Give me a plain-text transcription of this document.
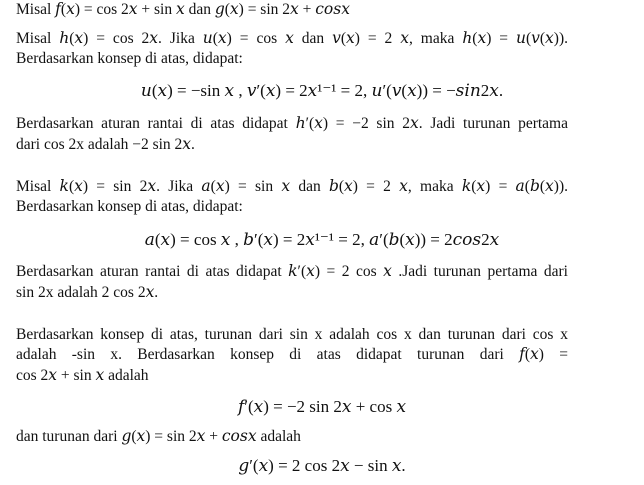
Misal 𝑓(𝑥) = cos 2𝑥 + sin 𝑥 dan 𝑔(𝑥) = sin 2𝑥 + 𝑐𝑜𝑠𝑥
Misal ℎ(𝑥) = cos 2𝑥. Jika 𝑢(𝑥) = cos 𝑥 dan 𝑣(𝑥) = 2 𝑥, maka ℎ(𝑥) = 𝑢(𝑣(𝑥)).
Berdasarkan konsep di atas, didapat:
𝑢(𝑥) = −sin 𝑥 , 𝑣′(𝑥) = 2𝑥¹⁻¹ = 2, 𝑢′(𝑣(𝑥)) = −𝑠𝑖𝑛2𝑥.
Berdasarkan aturan rantai di atas didapat ℎ′(𝑥) = −2 sin 2𝑥. Jadi turunan pertama
dari cos 2x adalah −2 sin 2𝑥.
Misal 𝑘(𝑥) = sin 2𝑥. Jika 𝑎(𝑥) = sin 𝑥 dan 𝑏(𝑥) = 2 𝑥, maka 𝑘(𝑥) = 𝑎(𝑏(𝑥)).
Berdasarkan konsep di atas, didapat:
𝑎(𝑥) = cos 𝑥 , 𝑏′(𝑥) = 2𝑥¹⁻¹ = 2, 𝑎′(𝑏(𝑥)) = 2𝑐𝑜𝑠2𝑥
Berdasarkan aturan rantai di atas didapat 𝑘′(𝑥) = 2 cos 𝑥 .Jadi turunan pertama dari
sin 2x adalah 2 cos 2𝑥.
Berdasarkan konsep di atas, turunan dari sin x adalah cos x dan turunan dari cos x
adalah -sin x. Berdasarkan konsep di atas didapat turunan dari 𝑓(𝑥) =
cos 2𝑥 + sin 𝑥 adalah
𝑓′(𝑥) = −2 sin 2𝑥 + cos 𝑥
dan turunan dari 𝑔(𝑥) = sin 2𝑥 + 𝑐𝑜𝑠𝑥 adalah
𝑔′(𝑥) = 2 cos 2𝑥 − sin 𝑥.
